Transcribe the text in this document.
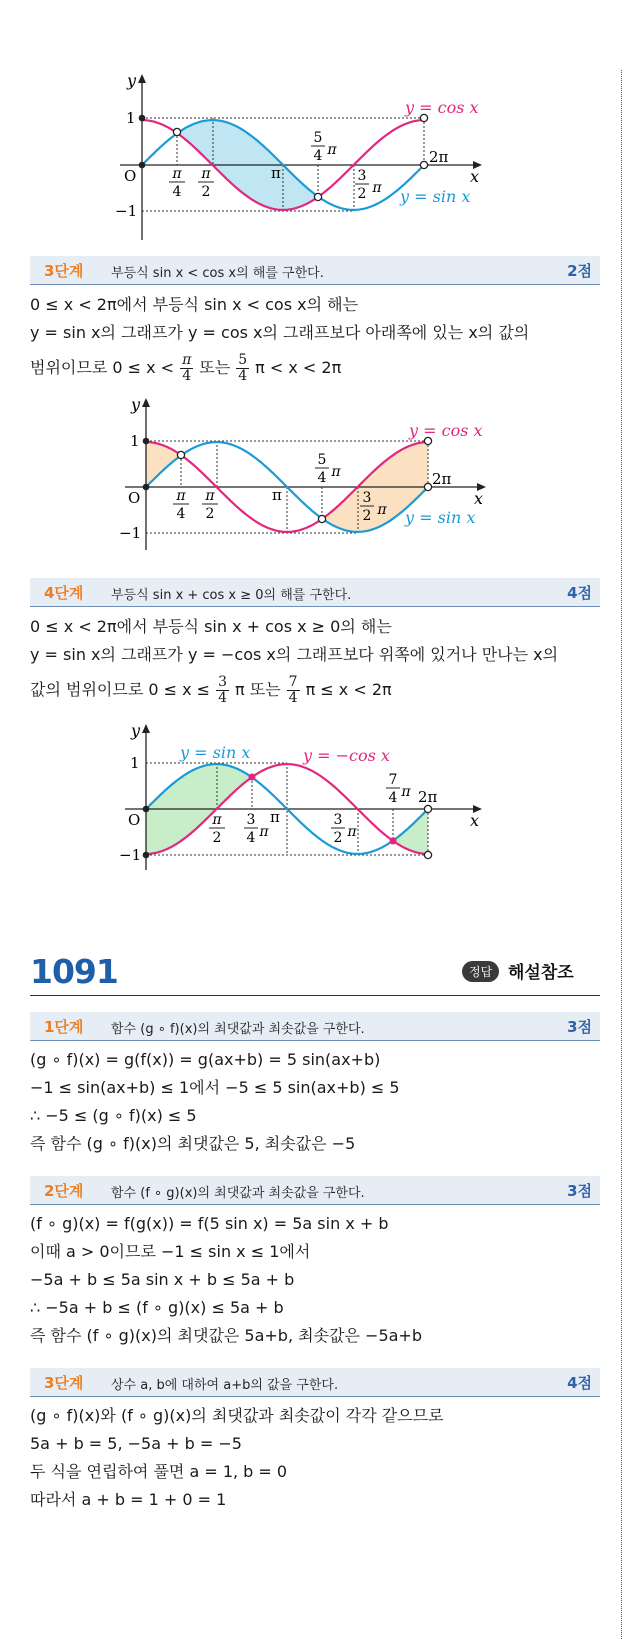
y
x
O
1
−1
π
2π
π
4
π
2
5
4 π
3
2 π
y = cos x
y = sin x
3단계 부등식 sin x < cos x의 해를 구한다.	2점
0 ≤ x < 2π에서 부등식 sin x < cos x의 해는
y = sin x의 그래프가 y = cos x의 그래프보다 아래쪽에 있는 x의 값의
범위이므로 $0 \le x < \frac{\pi}{4}$ 또는 $\frac{5}{4}$ π < x < 2π
y
x
O
1
−1
π
2π
π
4
π
2
5
4 π
3
2 π
y = cos x
y = sin x
4단계 부등식 sin x + cos x ≥ 0의 해를 구한다.	4점
0 ≤ x < 2π에서 부등식 sin x + cos x ≥ 0의 해는
y = sin x의 그래프가 y = −cos x의 그래프보다 위쪽에 있거나 만나는 x의
값의 범위이므로 $0 \le x \le \frac{3}{4}$ π 또는 $\frac{7}{4}$ π ≤ x < 2π
y
x
O
1
−1
π
2π
π
2
3
4 π
3
2 π
7
4 π
y = sin x	y = −cos x
1091	정답 해설참조
1단계 함수 (g ∘ f)(x)의 최댓값과 최솟값을 구한다.	3점
(g ∘ f)(x) = g(f(x)) = g(ax+b) = 5 sin(ax+b)
−1 ≤ sin(ax+b) ≤ 1에서 −5 ≤ 5 sin(ax+b) ≤ 5
∴ −5 ≤ (g ∘ f)(x) ≤ 5
즉 함수 (g ∘ f)(x)의 최댓값은 5, 최솟값은 −5
2단계 함수 (f ∘ g)(x)의 최댓값과 최솟값을 구한다.	3점
(f ∘ g)(x) = f(g(x)) = f(5 sin x) = 5a sin x + b
이때 a > 0이므로 −1 ≤ sin x ≤ 1에서
−5a + b ≤ 5a sin x + b ≤ 5a + b
∴ −5a + b ≤ (f ∘ g)(x) ≤ 5a + b
즉 함수 (f ∘ g)(x)의 최댓값은 5a+b, 최솟값은 −5a+b
3단계 상수 a, b에 대하여 a+b의 값을 구한다.	4점
(g ∘ f)(x)와 (f ∘ g)(x)의 최댓값과 최솟값이 각각 같으므로
5a + b = 5, −5a + b = −5
두 식을 연립하여 풀면 a = 1, b = 0
따라서 a + b = 1 + 0 = 1
